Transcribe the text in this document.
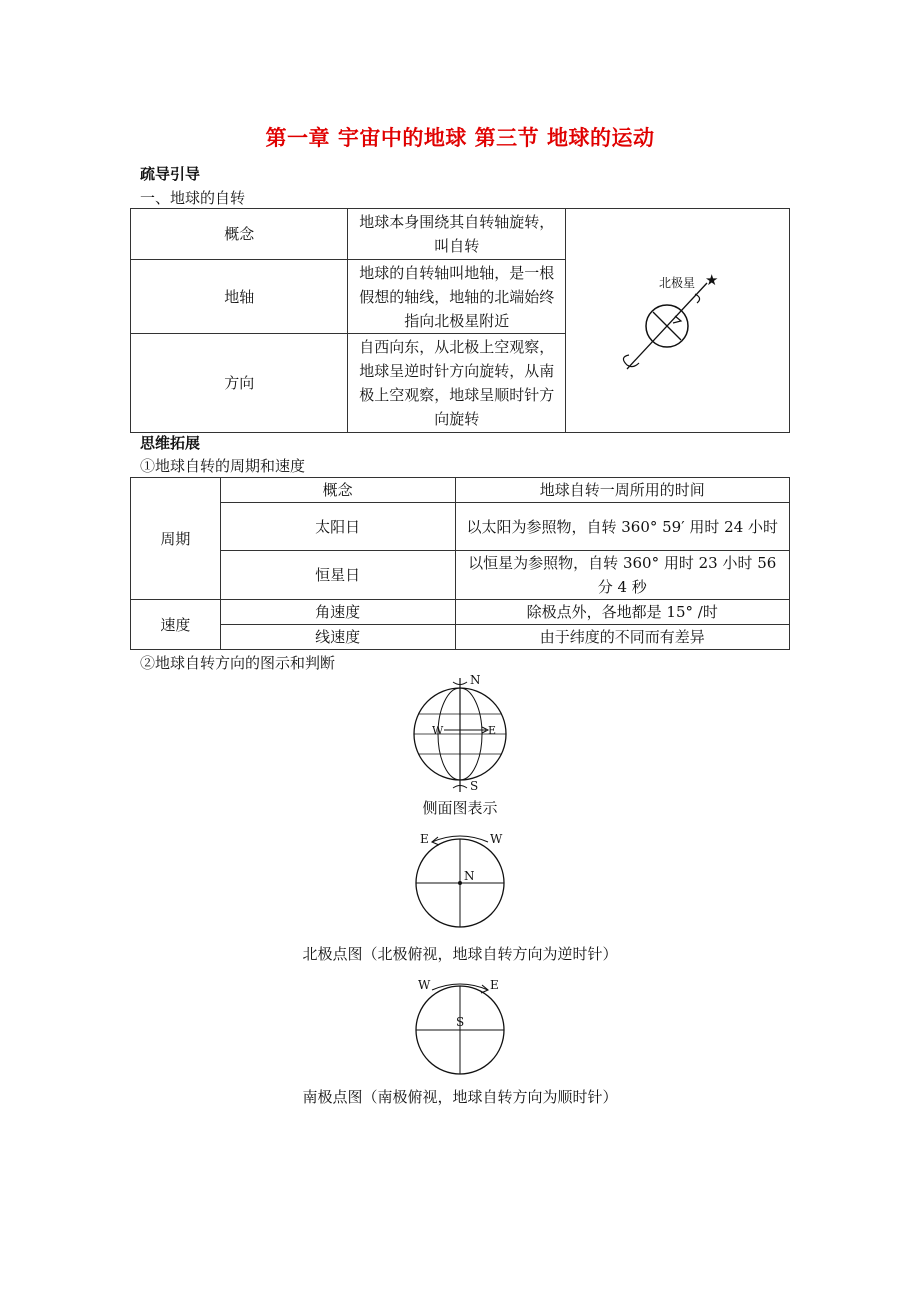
第一章 宇宙中的地球 第三节 地球的运动
疏导引导
一、地球的自转
概念	地球本身围绕其自转轴旋转，叫自转	北极星 ★

地轴	地球的自转轴叫地轴，是一根假想的轴线，地轴的北端始终指向北极星附近	
方向	自西向东，从北极上空观察，地球呈逆时针方向旋转，从南极上空观察，地球呈顺时针方向旋转	
思维拓展
①地球自转的周期和速度
周期	概念	地球自转一周所用的时间
	太阳日	以太阳为参照物，自转 360° 59′ 用时 24 小时
	恒星日	以恒星为参照物，自转 360° 用时 23 小时 56 分 4 秒
速度	角速度	除极点外，各地都是 15° /时
	线速度	由于纬度的不同而有差异
②地球自转方向的图示和判断
N
S
W	E
侧面图表示
E	W
N
北极点图（北极俯视，地球自转方向为逆时针）
W	E
S
南极点图（南极俯视，地球自转方向为顺时针）
